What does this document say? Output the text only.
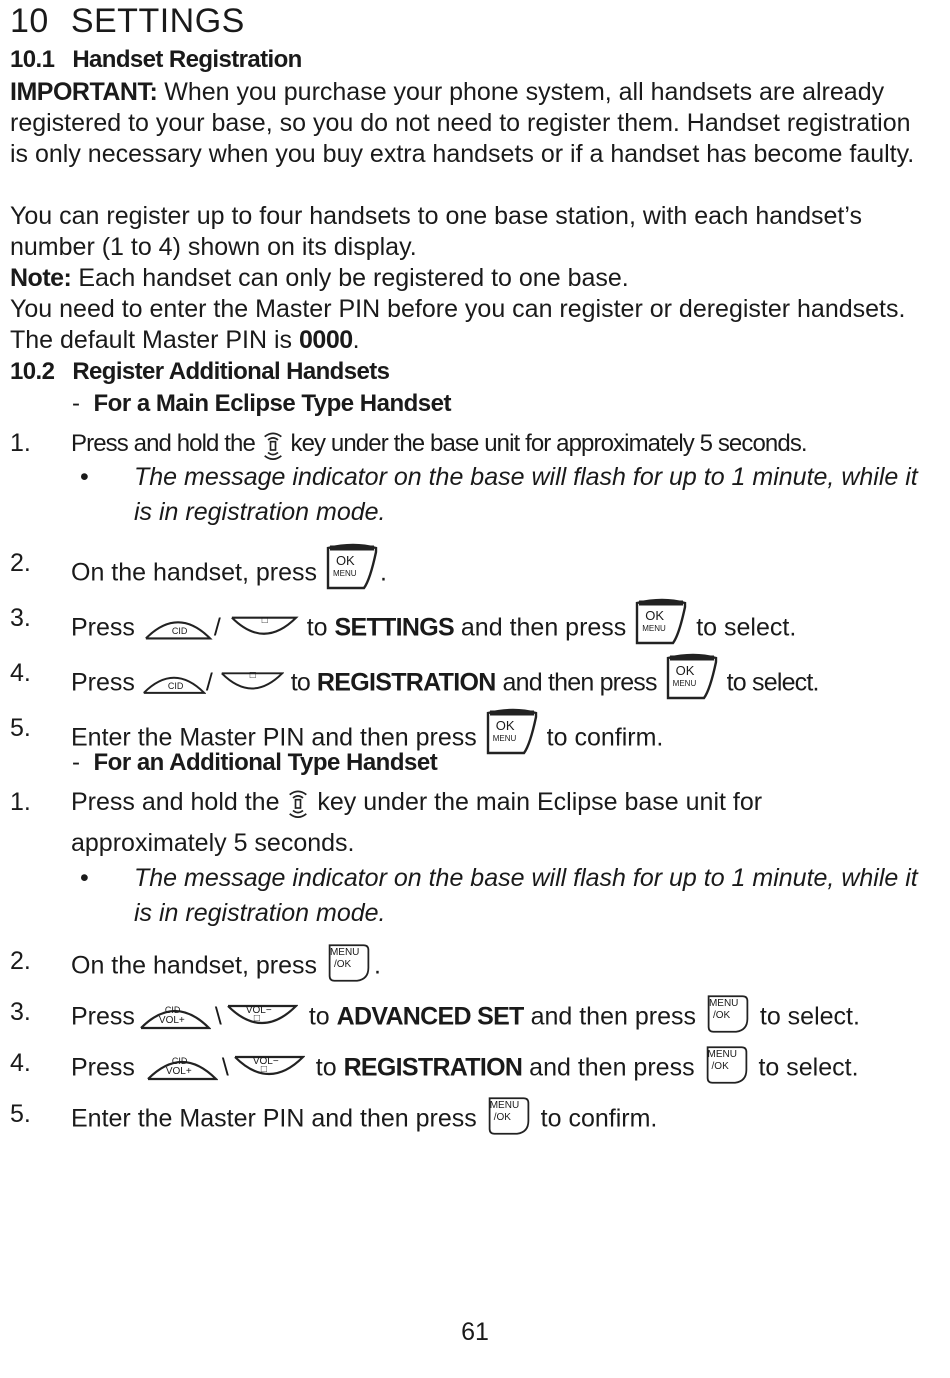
10 SETTINGS
10.1 Handset Registration
IMPORTANT: When you purchase your phone system, all handsets are already registered to your base, so you do not need to register them. Handset registration is only necessary when you buy extra handsets or if a handset has become faulty.
You can register up to four handsets to one base station, with each handset’s number (1 to 4) shown on its display.
Note: Each handset can only be registered to one base.
You need to enter the Master PIN before you can register or deregister handsets. The default Master PIN is 0000.
10.2 Register Additional Handsets
- For a Main Eclipse Type Handset
1. Press and hold the key under the base unit for approximately 5 seconds.
• The message indicator on the base will flash for up to 1 minute, while it is in registration mode.
2. On the handset, press OK
MENU .
3. Press	CID /	□ to SETTINGS and then press OK
MENU to select.
4. Press	CID /	□ to REGISTRATION and then press OK
MENU to select.
5. Enter the Master PIN and then press OK
MENU to confirm.
- For an Additional Type Handset
1. Press and hold the key under the main Eclipse base unit for
approximately 5 seconds.
• The message indicator on the base will flash for up to 1 minute, while it is in registration mode.
2. On the handset, press MENU
/OK .
3. Press	CID
VOL+ \ VOL−
□ to ADVANCED SET and then press MENU
/OK to select.
4. Press	CID
VOL+ \ VOL−
□ to REGISTRATION and then press MENU
/OK to select.
5. Enter the Master PIN and then press MENU
/OK to confirm.
61
